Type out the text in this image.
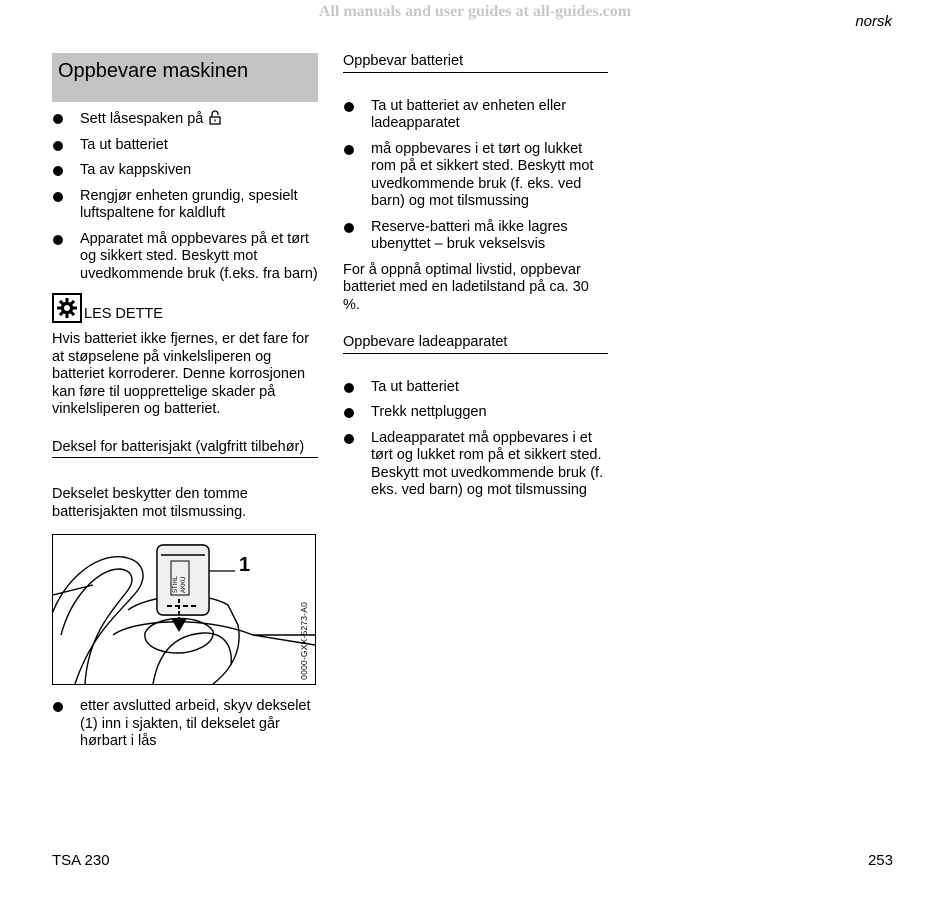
All manuals and user guides at all-guides.com
norsk
Oppbevare maskinen
Sett låsespaken på
Ta ut batteriet
Ta av kappskiven
Rengjør enheten grundig, spesielt luftspaltene for kaldluft
Apparatet må oppbevares på et tørt og sikkert sted. Beskytt mot uvedkommende bruk (f.eks. fra barn)
LES DETTE

Hvis batteriet ikke fjernes, er det fare for at støpselene på vinkelsliperen og batteriet korroderer. Denne korrosjonen kan føre til uopprettelige skader på vinkelsliperen og batteriet.

Deksel for batterisjakt (valgfritt tilbehør)

Dekselet beskytter den tomme batterisjakten mot tilsmussing.

STIHL AKKU
1
0000-GXX-5273-A0
etter avslutted arbeid, skyv dekselet (1) inn i sjakten, til dekselet går hørbart i lås
Oppbevar batteriet
Ta ut batteriet av enheten eller ladeapparatet
må oppbevares i et tørt og lukket rom på et sikkert sted. Beskytt mot uvedkommende bruk (f. eks. ved barn) og mot tilsmussing
Reserve-batteri må ikke lagres ubenyttet – bruk vekselsvis

For å oppnå optimal livstid, oppbevar batteriet med en ladetilstand på ca. 30 %.

Oppbevare ladeapparatet
Ta ut batteriet
Trekk nettpluggen
Ladeapparatet må oppbevares i et tørt og lukket rom på et sikkert sted. Beskytt mot uvedkommende bruk (f. eks. ved barn) og mot tilsmussing
TSA 230	253
